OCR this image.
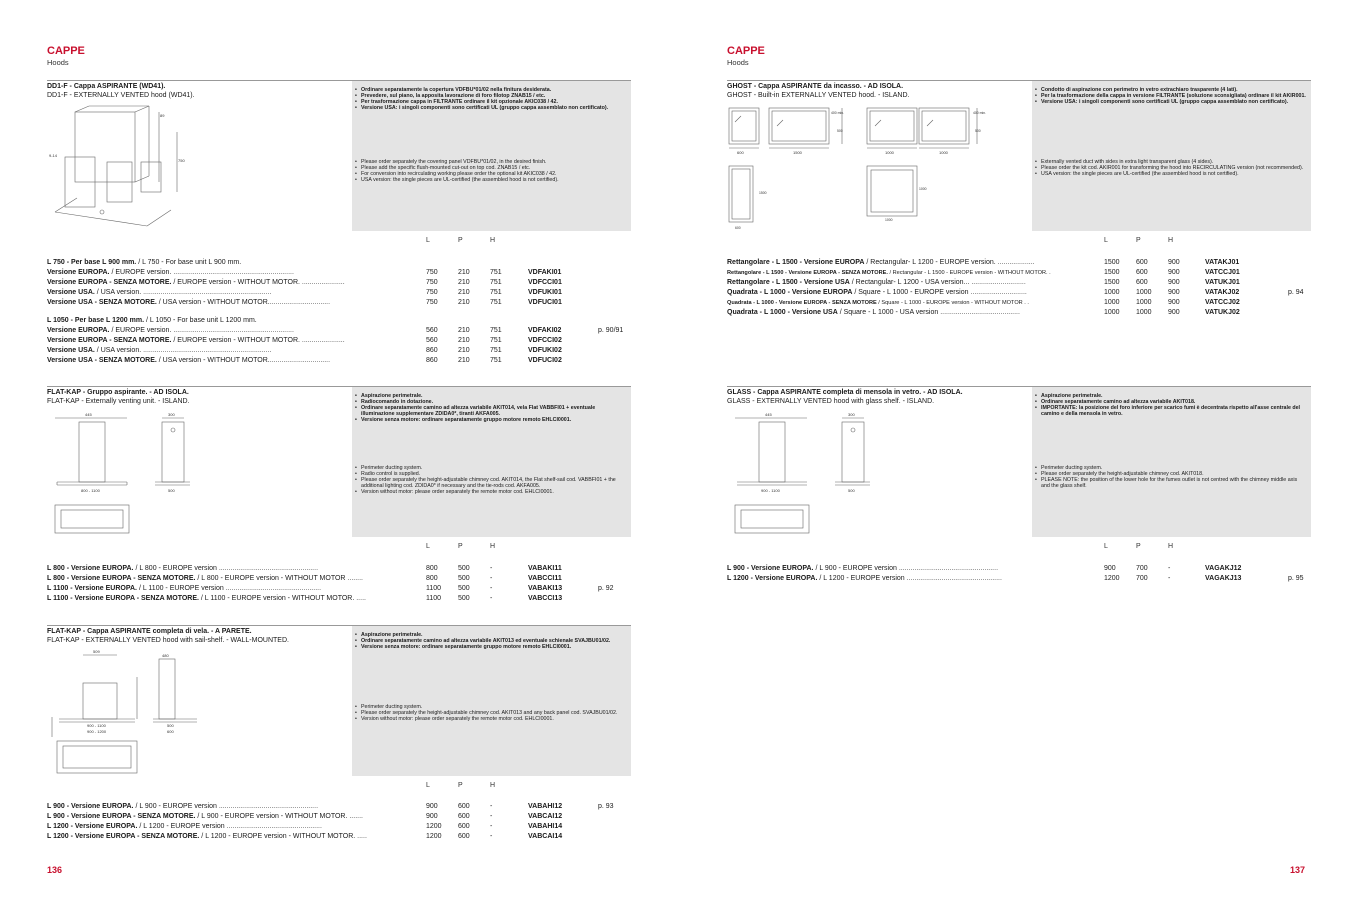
CAPPE
Hoods
DD1-F - Cappa ASPIRANTE (WD41).
DD1-F - EXTERNALLY VENTED hood (WD41).
89
750
9-14
• Ordinare separatamente la copertura VDFBU*01/02 nella finitura desiderata.
• Prevedere, sul piano, la apposita lavorazione di foro filotop ZNAB15 / etc.
• Per trasformazione cappa in FILTRANTE ordinare il kit opzionale AKIC038 / 42.
• Versione USA: i singoli componenti sono certificati UL (gruppo cappa assemblato non certificato).
• Please order separately the covering panel VDFBU*01/02, in the desired finish.
• Please add the specific flush-mounted cut-out on top cod. ZNAB15 / etc.
• For conversion into recirculating working please order the optional kit AKIC038 / 42.
• USA version: the single pieces are UL-certified (the assembled hood is not certified).
L	P	H
L 750 - Per base L 900 mm. / L 750 - For base unit L 900 mm.
Versione EUROPA. / EUROPE version. ..............................................................	750	210	751	VDFAKI01
Versione EUROPA - SENZA MOTORE. / EUROPE version - WITHOUT MOTOR. ......................	750	210	751	VDFCCI01
Versione USA. / USA version. ..................................................................	750	210	751	VDFUKI01
Versione USA - SENZA MOTORE. / USA version - WITHOUT MOTOR................................	750	210	751	VDFUCI01
L 1050 - Per base L 1200 mm. / L 1050 - For base unit L 1200 mm.
Versione EUROPA. / EUROPE version. ..............................................................	560	210	751	VDFAKI02	p. 90/91
Versione EUROPA - SENZA MOTORE. / EUROPE version - WITHOUT MOTOR. ......................	560	210	751	VDFCCI02
Versione USA. / USA version. ..................................................................	860	210	751	VDFUKI02
Versione USA - SENZA MOTORE. / USA version - WITHOUT MOTOR................................	860	210	751	VDFUCI02
FLAT-KAP - Gruppo aspirante. - AD ISOLA.
FLAT-KAP - Externally venting unit. - ISLAND.
445	300
800 - 1100	500
• Aspirazione perimetrale.
• Radiocomando in dotazione.
• Ordinare separatamente camino ad altezza variabile AKIT014, vela Flat VABBFI01 + eventuale illuminazione supplementare ZDIDA0*, tiranti AKFA005.
• Versione senza motore: ordinare separatamente gruppo motore remoto EHLCI0001.
• Perimeter ducting system.
• Radio control is supplied.
• Please order separately the height-adjustable chimney cod. AKIT014, the Flat shelf-sail cod. VABBFI01 + the additional lighting cod. ZDIDA0* if necessary and the tie-rods cod. AKFA005.
• Version without motor: please order separately the remote motor cod. EHLCI0001.
L	P	H
L 800 - Versione EUROPA. / L 800 - EUROPE version ...................................................	800	500	-	VABAKI11
L 800 - Versione EUROPA - SENZA MOTORE. / L 800 - EUROPE version - WITHOUT MOTOR ........	800	500	-	VABCCI11
L 1100 - Versione EUROPA. / L 1100 - EUROPE version .................................................	1100 500	-	VABAKI13	p. 92
L 1100 - Versione EUROPA - SENZA MOTORE. / L 1100 - EUROPE version - WITHOUT MOTOR. .....	1100 500	-	VABCCI13
FLAT-KAP - Cappa ASPIRANTE completa di vela. - A PARETE.
FLAT-KAP - EXTERNALLY VENTED hood with sail-shelf. - WALL-MOUNTED.
509
480
900 - 1100
900 - 1200
500
600
• Aspirazione perimetrale.
• Ordinare separatamente camino ad altezza variabile AKIT013 ed eventuale schienale SVAJBU01/02.
• Versione senza motore: ordinare separatamente gruppo motore remoto EHLCI0001.
• Perimeter ducting system.
• Please order separately the height-adjustable chimney cod. AKIT013 and any back panel cod. SVAJBU01/02.
• Version without motor: please order separately the remote motor cod. EHLCI0001.
L	P	H
L 900 - Versione EUROPA. / L 900 - EUROPE version ...................................................	900	600	-	VABAHI12	p. 93
L 900 - Versione EUROPA - SENZA MOTORE. / L 900 - EUROPE version - WITHOUT MOTOR. .......	900	600	-	VABCAI12
L 1200 - Versione EUROPA. / L 1200 - EUROPE version .................................................	1200 600	-	VABAHI14
L 1200 - Versione EUROPA - SENZA MOTORE. / L 1200 - EUROPE version - WITHOUT MOTOR. .....	1200 600	-	VABCAI14
136
CAPPE
Hoods
GHOST - Cappa ASPIRANTE da incasso. - AD ISOLA.
GHOST - Built-in EXTERNALLY VENTED hood. - ISLAND.
600	1500	1000	1000
400 min.	400 min.
500	500
1500
1000
1000
600
• Condotto di aspirazione con perimetro in vetro extrachiaro trasparente (4 lati).
• Per la trasformazione della cappa in versione FILTRANTE (soluzione sconsigliata) ordinare il kit AKIR001.
• Versione USA: i singoli componenti sono certificati UL (gruppo cappa assemblato non certificato).
• Externally vented duct with sides in extra light transparent glass (4 sides).
• Please order the kit cod. AKIR001 for transforming the hood into RECIRCULATING version (not recommended).
• USA version: the single pieces are UL-certified (the assembled hood is not certified).
L	P	H
Rettangolare - L 1500 - Versione EUROPA / Rectangular- L 1200 - EUROPE version. ...................	1500 600	900	VATAKJ01
Rettangolare - L 1500 - Versione EUROPA - SENZA MOTORE. / Rectangular - L 1500 - EUROPE version - WITHOUT MOTOR. .	1500 600	900	VATCCJ01
Rettangolare - L 1500 - Versione USA / Rectangular- L 1200 - USA version... ............................	1500 600	900	VATUKJ01
Quadrata - L 1000 - Versione EUROPA / Square - L 1000 - EUROPE version .............................	1000 1000 900	VATAKJ02	p. 94
Quadrata - L 1000 - Versione EUROPA - SENZA MOTORE / Square - L 1000 - EUROPE version - WITHOUT MOTOR . .	1000 1000 900	VATCCJ02
Quadrata - L 1000 - Versione USA / Square - L 1000 - USA version .........................................	1000 1000 900	VATUKJ02
GLASS - Cappa ASPIRANTE completa di mensola in vetro. - AD ISOLA.
GLASS - EXTERNALLY VENTED hood with glass shelf. - ISLAND.
445	300
900 - 1100	500
• Aspirazione perimetrale.
• Ordinare separatamente camino ad altezza variabile AKIT018.
• IMPORTANTE: la posizione del foro inferiore per scarico fumi è decentrata rispetto all'asse centrale del camino e della mensola in vetro.
• Perimeter ducting system.
• Please order separately the height-adjustable chimney cod. AKIT018.
• PLEASE NOTE: the position of the lower hole for the fumes outlet is not centred with the chimney middle axis and the glass shelf.
L	P	H
L 900 - Versione EUROPA. / L 900 - EUROPE version ...................................................	900	700	-	VAGAKJ12
L 1200 - Versione EUROPA. / L 1200 - EUROPE version .................................................	1200 700	-	VAGAKJ13	p. 95
137
